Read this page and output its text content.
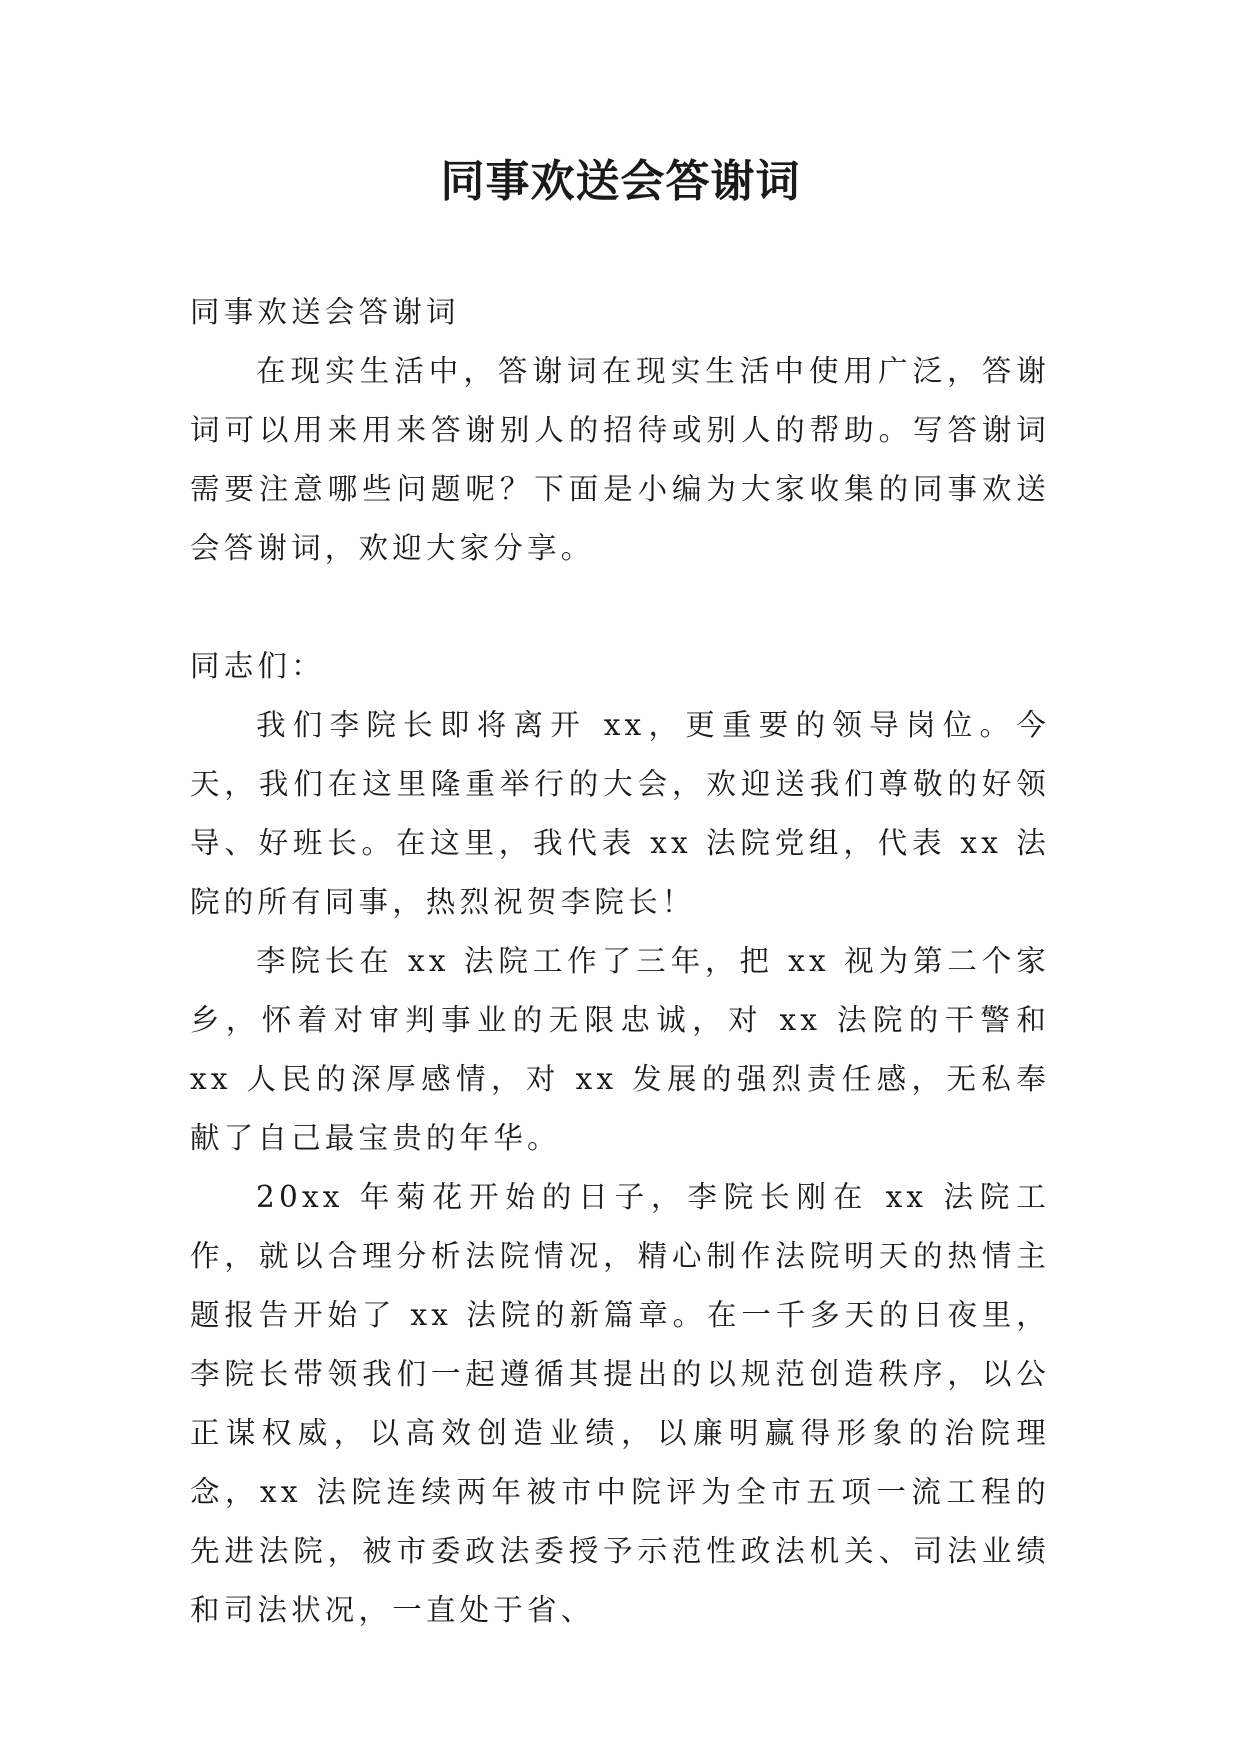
同事欢送会答谢词

同事欢送会答谢词

在现实生活中，答谢词在现实生活中使用广泛，答谢词可以用来用来答谢别人的招待或别人的帮助。写答谢词需要注意哪些问题呢？下面是小编为大家收集的同事欢送会答谢词，欢迎大家分享。

同志们：

我们李院长即将离开 xx，更重要的领导岗位。今天，我们在这里隆重举行的大会，欢迎送我们尊敬的好领导、好班长。在这里，我代表 xx 法院党组，代表 xx 法院的所有同事，热烈祝贺李院长！

李院长在 xx 法院工作了三年，把 xx 视为第二个家乡，怀着对审判事业的无限忠诚，对 xx 法院的干警和 xx 人民的深厚感情，对 xx 发展的强烈责任感，无私奉献了自己最宝贵的年华。

20xx 年菊花开始的日子，李院长刚在 xx 法院工作，就以合理分析法院情况，精心制作法院明天的热情主题报告开始了 xx 法院的新篇章。在一千多天的日夜里，李院长带领我们一起遵循其提出的以规范创造秩序，以公正谋权威，以高效创造业绩，以廉明赢得形象的治院理念，xx 法院连续两年被市中院评为全市五项一流工程的先进法院，被市委政法委授予示范性政法机关、司法业绩和司法状况，一直处于省、
